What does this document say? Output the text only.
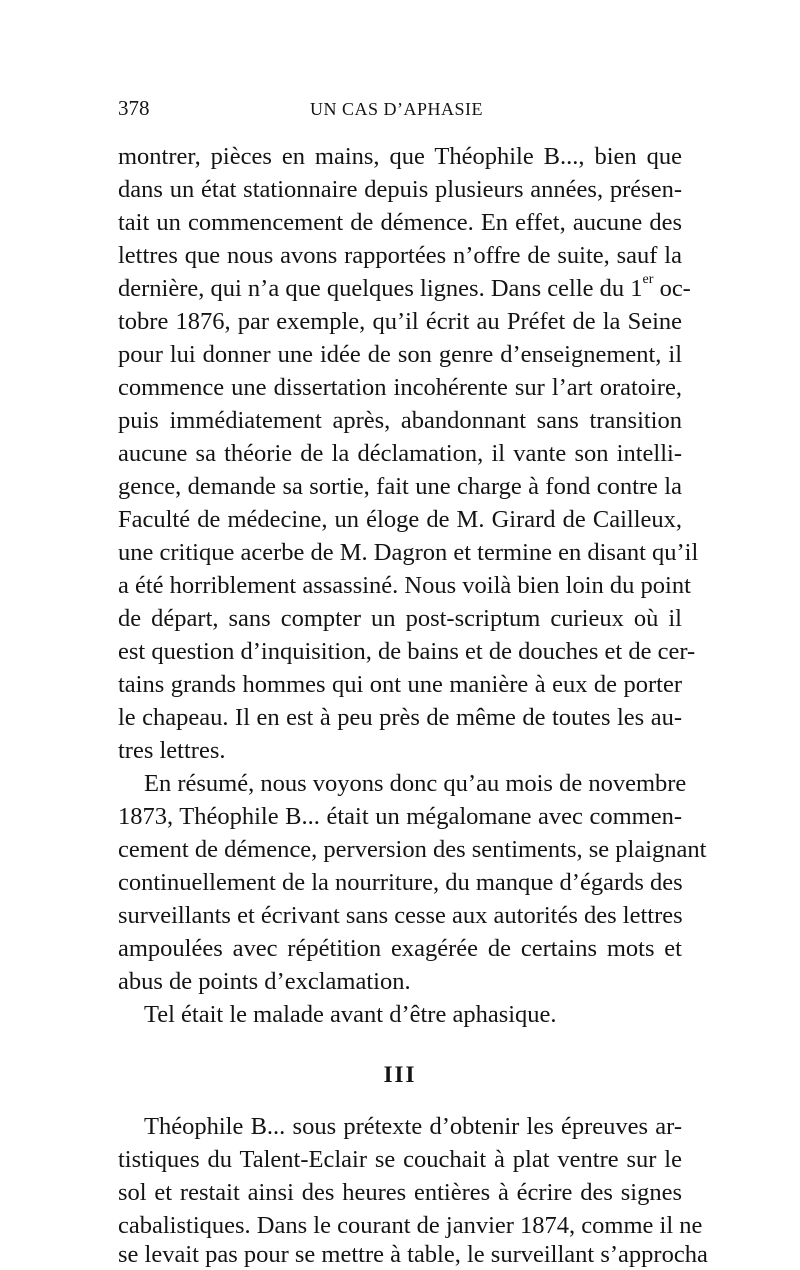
378	UN CAS D’APHASIE
montrer, pièces en mains, que Théophile B..., bien que
dans un état stationnaire depuis plusieurs années, présen-
tait un commencement de démence. En effet, aucune des
lettres que nous avons rapportées n’offre de suite, sauf la
dernière, qui n’a que quelques lignes. Dans celle du 1er oc-
tobre 1876, par exemple, qu’il écrit au Préfet de la Seine
pour lui donner une idée de son genre d’enseignement, il
commence une dissertation incohérente sur l’art oratoire,
puis immédiatement après, abandonnant sans transition
aucune sa théorie de la déclamation, il vante son intelli-
gence, demande sa sortie, fait une charge à fond contre la
Faculté de médecine, un éloge de M. Girard de Cailleux,
une critique acerbe de M. Dagron et termine en disant qu’il
a été horriblement assassiné. Nous voilà bien loin du point
de départ, sans compter un post-scriptum curieux où il
est question d’inquisition, de bains et de douches et de cer-
tains grands hommes qui ont une manière à eux de porter
le chapeau. Il en est à peu près de même de toutes les au-
tres lettres.
En résumé, nous voyons donc qu’au mois de novembre
1873, Théophile B... était un mégalomane avec commen-
cement de démence, perversion des sentiments, se plaignant
continuellement de la nourriture, du manque d’égards des
surveillants et écrivant sans cesse aux autorités des lettres
ampoulées avec répétition exagérée de certains mots et
abus de points d’exclamation.
Tel était le malade avant d’être aphasique.
III
Théophile B... sous prétexte d’obtenir les épreuves ar-
tistiques du Talent-Eclair se couchait à plat ventre sur le
sol et restait ainsi des heures entières à écrire des signes
cabalistiques. Dans le courant de janvier 1874, comme il ne
se levait pas pour se mettre à table, le surveillant s’approcha
